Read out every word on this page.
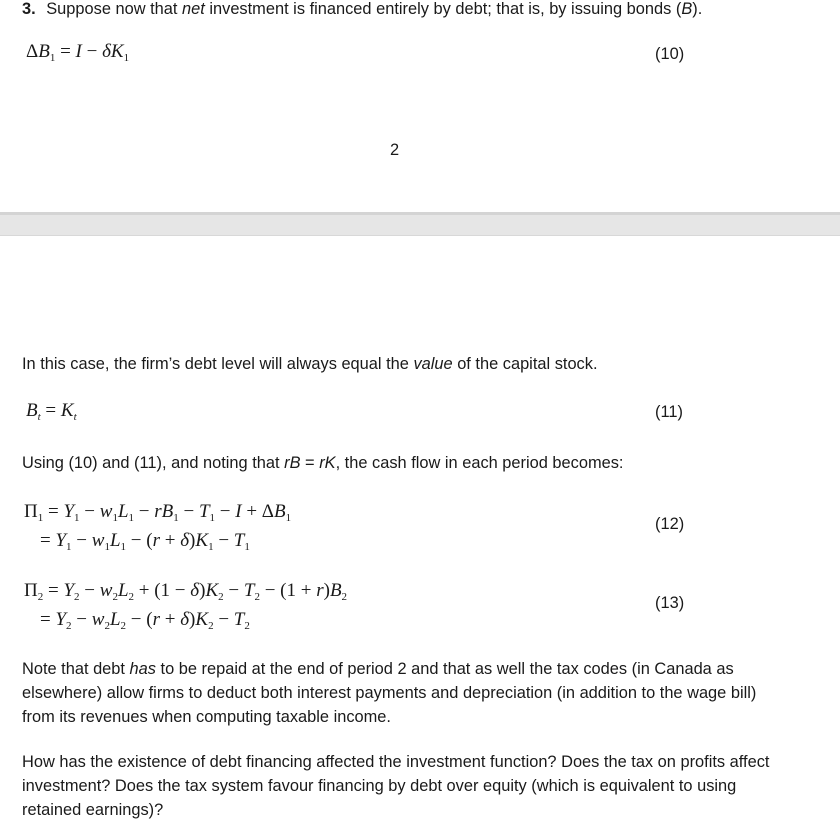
3. Suppose now that net investment is financed entirely by debt; that is, by issuing bonds (B).
$\Delta B_1 = I - \delta K_1$	(10)
2
In this case, the firm’s debt level will always equal the value of the capital stock.
$B_t = K_t$	(11)
Using (10) and (11), and noting that rB = rK, the cash flow in each period becomes:
$\Pi_1 = Y_1 - w_1L_1 - rB_1 - T_1 - I + \Delta B_1$
= $Y_1 - w_1L_1 - (r + \delta)K_1 - T_1$
(12)
$\Pi_2 = Y_2 - w_2L_2 + (1 - \delta)K_2 - T_2 - (1 + r)B_2$
= $Y_2 - w_2L_2 - (r + \delta)K_2 - T_2$
(13)
Note that debt has to be repaid at the end of period 2 and that as well the tax codes (in Canada as elsewhere) allow firms to deduct both interest payments and depreciation (in addition to the wage bill) from its revenues when computing taxable income.
How has the existence of debt financing affected the investment function? Does the tax on profits affect investment? Does the tax system favour financing by debt over equity (which is equivalent to using retained earnings)?
